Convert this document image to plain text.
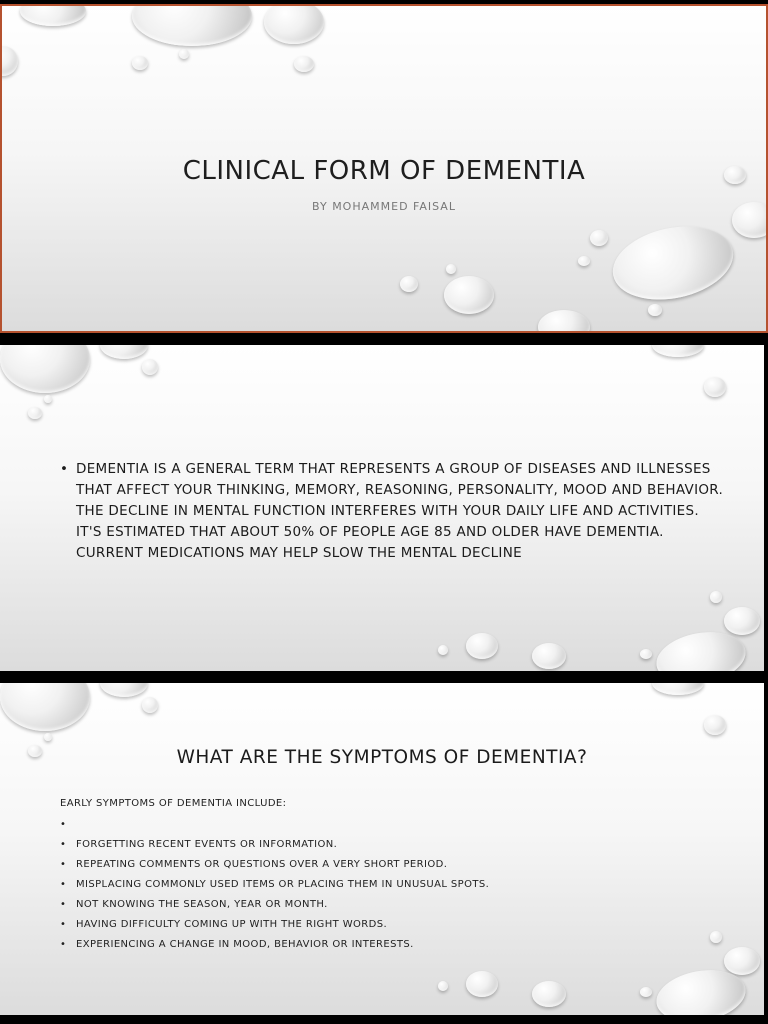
CLINICAL FORM OF DEMENTIA
BY MOHAMMED FAISAL
• DEMENTIA IS A GENERAL TERM THAT REPRESENTS A GROUP OF DISEASES AND ILLNESSES THAT AFFECT YOUR THINKING, MEMORY, REASONING, PERSONALITY, MOOD AND BEHAVIOR. THE DECLINE IN MENTAL FUNCTION INTERFERES WITH YOUR DAILY LIFE AND ACTIVITIES. IT'S ESTIMATED THAT ABOUT 50% OF PEOPLE AGE 85 AND OLDER HAVE DEMENTIA. CURRENT MEDICATIONS MAY HELP SLOW THE MENTAL DECLINE
WHAT ARE THE SYMPTOMS OF DEMENTIA?
EARLY SYMPTOMS OF DEMENTIA INCLUDE:
•
• FORGETTING RECENT EVENTS OR INFORMATION.
• REPEATING COMMENTS OR QUESTIONS OVER A VERY SHORT PERIOD.
• MISPLACING COMMONLY USED ITEMS OR PLACING THEM IN UNUSUAL SPOTS.
• NOT KNOWING THE SEASON, YEAR OR MONTH.
• HAVING DIFFICULTY COMING UP WITH THE RIGHT WORDS.
• EXPERIENCING A CHANGE IN MOOD, BEHAVIOR OR INTERESTS.
